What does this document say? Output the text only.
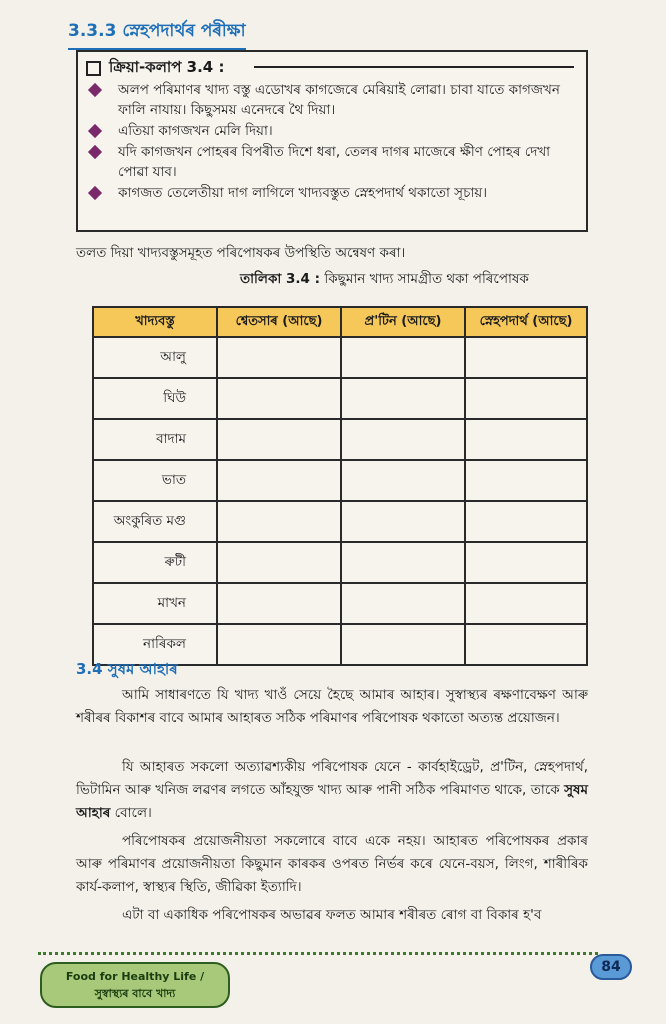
3.3.3 স্নেহপদাৰ্থৰ পৰীক্ষা
ক্ৰিয়া-কলাপ 3.4 :
অলপ পৰিমাণৰ খাদ্য বস্তু এডোখৰ কাগজেৰে মেৰিয়াই লোৱা। চাবা যাতে কাগজখন ফালি নাযায়। কিছুসময় এনেদৰে থৈ দিয়া।
এতিয়া কাগজখন মেলি দিয়া।
যদি কাগজখন পোহৰৰ বিপৰীত দিশে ধৰা, তেলৰ দাগৰ মাজেৰে ক্ষীণ পোহৰ দেখা পোৱা যাব।
কাগজত তেলেতীয়া দাগ লাগিলে খাদ্যবস্তুত স্নেহপদাৰ্থ থকাতো সূচায়।
তলত দিয়া খাদ্যবস্তুসমূহত পৰিপোষকৰ উপস্থিতি অন্বেষণ কৰা।
তালিকা 3.4 : কিছুমান খাদ্য সামগ্ৰীত থকা পৰিপোষক
খাদ্যবস্তু	শ্বেতসাৰ (আছে)	প্ৰ'টিন (আছে)	স্নেহপদাৰ্থ (আছে)
আলু			
ঘিউ			
বাদাম			
ভাত			
অংকুৰিত মগু			
ৰুটী			
মাখন			
নাৰিকল			
3.4 সুষম আহাৰ

আমি সাধাৰণতে যি খাদ্য খাওঁ সেয়ে হৈছে আমাৰ আহাৰ। সুস্বাস্থ্যৰ ৰক্ষণাবেক্ষণ আৰু শৰীৰৰ বিকাশৰ বাবে আমাৰ আহাৰত সঠিক পৰিমাণৰ পৰিপোষক থকাতো অত্যন্ত প্ৰয়োজন।

যি আহাৰত সকলো অত্যাৱশ্যকীয় পৰিপোষক যেনে - কাৰ্বহাইড্ৰেট, প্ৰ'টিন, স্নেহপদাৰ্থ, ভিটামিন আৰু খনিজ লৱণৰ লগতে আঁহযুক্ত খাদ্য আৰু পানী সঠিক পৰিমাণত থাকে, তাকে সুষম আহাৰ বোলে।

পৰিপোষকৰ প্ৰয়োজনীয়তা সকলোৰে বাবে একে নহয়। আহাৰত পৰিপোষকৰ প্ৰকাৰ আৰু পৰিমাণৰ প্ৰয়োজনীয়তা কিছুমান কাৰকৰ ওপৰত নিৰ্ভৰ কৰে যেনে-বয়স, লিংগ, শাৰীৰিক কাৰ্য-কলাপ, স্বাস্থ্যৰ স্থিতি, জীৱিকা ইত্যাদি।

এটা বা একাধিক পৰিপোষকৰ অভাৱৰ ফলত আমাৰ শৰীৰত ৰোগ বা বিকাৰ হ'ব

Food for Healthy Life /
সুস্বাস্থ্যৰ বাবে খাদ্য
84
